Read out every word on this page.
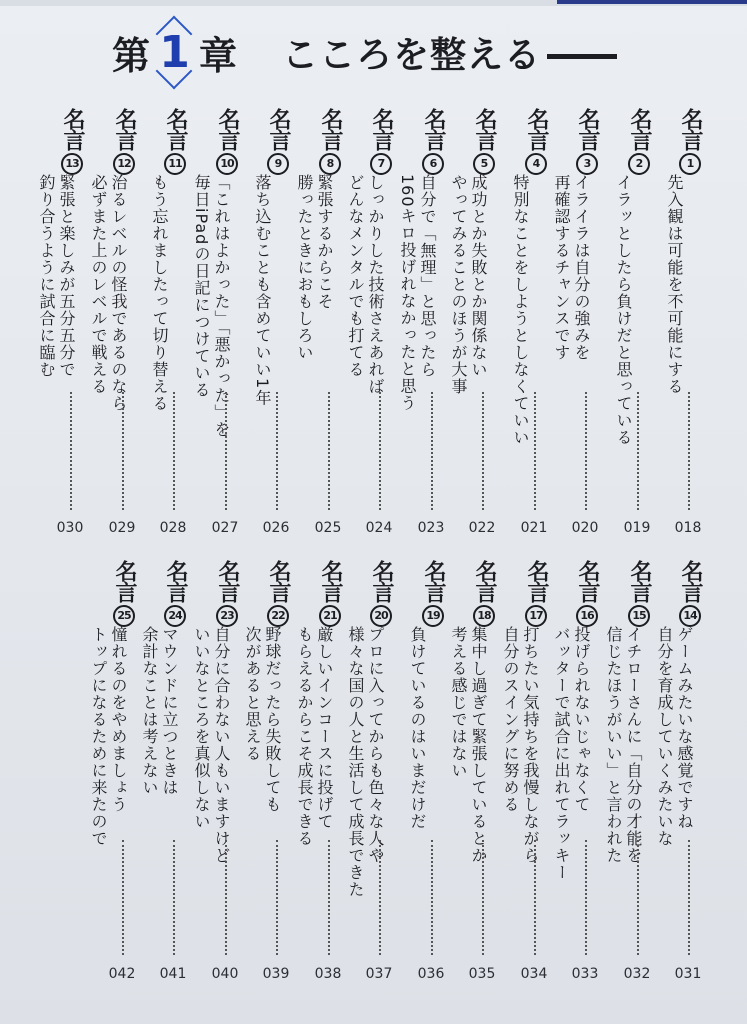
第 1 章 こころを整える
名言1
先入観は可能を不可能にする
018
名言2
イラッとしたら負けだと思っている
019
名言3
イライラは自分の強みを
再確認するチャンスです
020
名言4
特別なことをしようとしなくていい
021
名言5
成功とか失敗とか関係ない
やってみることのほうが大事
022
名言6
自分で「無理」と思ったら
160キロ投げれなかったと思う
023
名言7
しっかりした技術さえあれば
どんなメンタルでも打てる
024
名言8
緊張するからこそ
勝ったときにおもしろい
025
名言9
落ち込むことも含めていい1年
026
名言10
「これはよかった」「悪かった」を
毎日iPadの日記につけている
027
名言11
もう忘れましたって切り替える
028
名言12
治るレベルの怪我であるのなら
必ずまた上のレベルで戦える
029
名言13
緊張と楽しみが五分五分で
釣り合うように試合に臨む
030
名言14
ゲームみたいな感覚ですね
自分を育成していくみたいな
031
名言15
イチローさんに「自分の才能を
信じたほうがいい」と言われた
032
名言16
投げられないじゃなくて
バッターで試合に出れてラッキー
033
名言17
打ちたい気持ちを我慢しながら
自分のスイングに努める
034
名言18
集中し過ぎて緊張しているとか
考える感じではない
035
名言19
負けているのはいまだけだ
036
名言20
プロに入ってからも色々な人や
様々な国の人と生活して成長できた
037
名言21
厳しいインコースに投げて
もらえるからこそ成長できる
038
名言22
野球だったら失敗しても
次があると思える
039
名言23
自分に合わない人もいますけど
いいなところを真似しない
040
名言24
マウンドに立つときは
余計なことは考えない
041
名言25
憧れるのをやめましょう
トップになるために来たので
042
